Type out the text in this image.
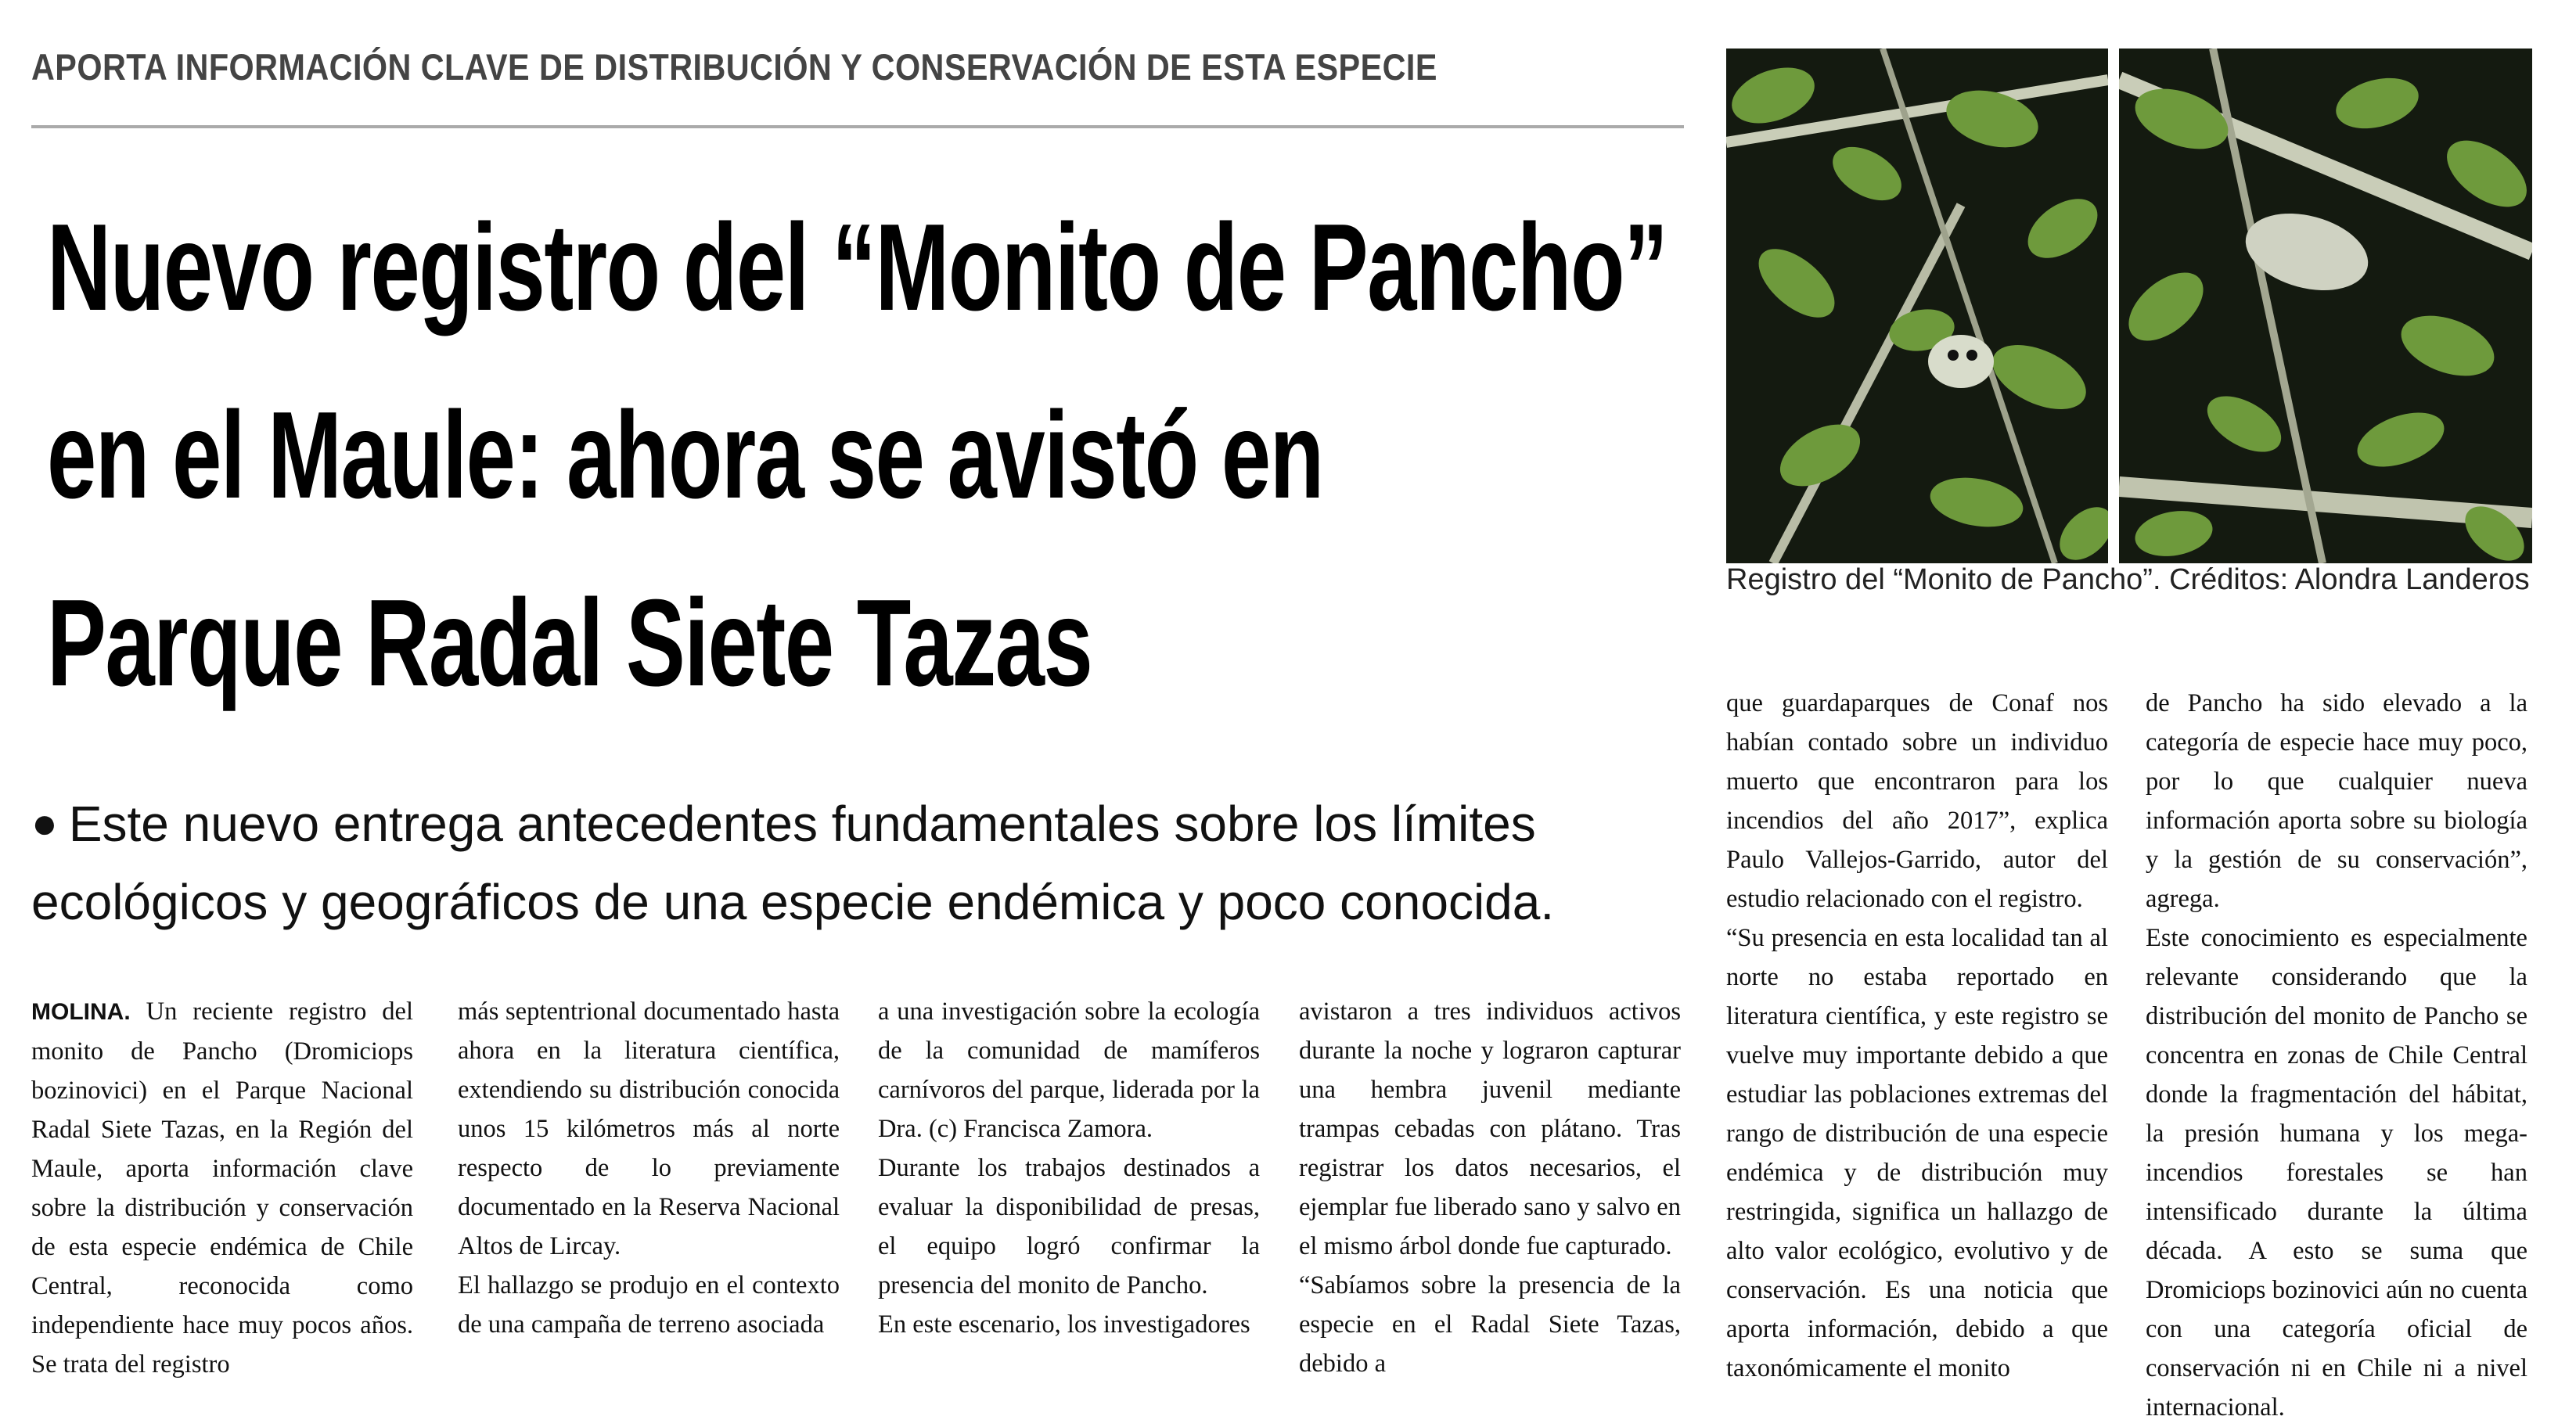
APORTA INFORMACIÓN CLAVE DE DISTRIBUCIÓN Y CONSERVACIÓN DE ESTA ESPECIE
Nuevo registro del “Monito de Pancho”
en el Maule: ahora se avistó en
Parque Radal Siete Tazas
● Este nuevo entrega antecedentes fundamentales sobre los límites ecológicos y geográficos de una especie endémica y poco conocida.
Registro del “Monito de Pancho”. Créditos: Alondra Landeros

MOLINA. Un reciente registro del monito de Pancho (Dromiciops bozinovici) en el Parque Nacional Radal Siete Tazas, en la Región del Maule, aporta información clave sobre la distribución y conservación de esta especie endémica de Chile Central, reconocida como independiente hace muy pocos años. Se trata del registro

más septentrional documentado hasta ahora en la literatura científica, extendiendo su distribución conocida unos 15 kilómetros más al norte respecto de lo previamente documentado en la Reserva Nacional Altos de Lircay.

El hallazgo se produjo en el contexto de una campaña de terreno asociada

a una investigación sobre la ecología de la comunidad de mamíferos carnívoros del parque, liderada por la Dra. (c) Francisca Zamora.

Durante los trabajos destinados a evaluar la disponibilidad de presas, el equipo logró confirmar la presencia del monito de Pancho.

En este escenario, los investigadores

avistaron a tres individuos activos durante la noche y lograron capturar una hembra juvenil mediante trampas cebadas con plátano. Tras registrar los datos necesarios, el ejemplar fue liberado sano y salvo en el mismo árbol donde fue capturado.

“Sabíamos sobre la presencia de la especie en el Radal Siete Tazas, debido a

que guardaparques de Conaf nos habían contado sobre un individuo muerto que encontraron para los incendios del año 2017”, explica Paulo Vallejos-Garrido, autor del estudio relacionado con el registro.

“Su presencia en esta localidad tan al norte no estaba reportado en literatura científica, y este registro se vuelve muy importante debido a que estudiar las poblaciones extremas del rango de distribución de una especie endémica y de distribución muy restringida, significa un hallazgo de alto valor ecológico, evolutivo y de conservación. Es una noticia que aporta información, debido a que taxonómicamente el monito

de Pancho ha sido elevado a la categoría de especie hace muy poco, por lo que cualquier nueva información aporta sobre su biología y la gestión de su conservación”, agrega.

Este conocimiento es especialmente relevante considerando que la distribución del monito de Pancho se concentra en zonas de Chile Central donde la fragmentación del hábitat, la presión humana y los mega-incendios forestales se han intensificado durante la última década. A esto se suma que Dromiciops bozinovici aún no cuenta con una categoría oficial de conservación ni en Chile ni a nivel internacional.
